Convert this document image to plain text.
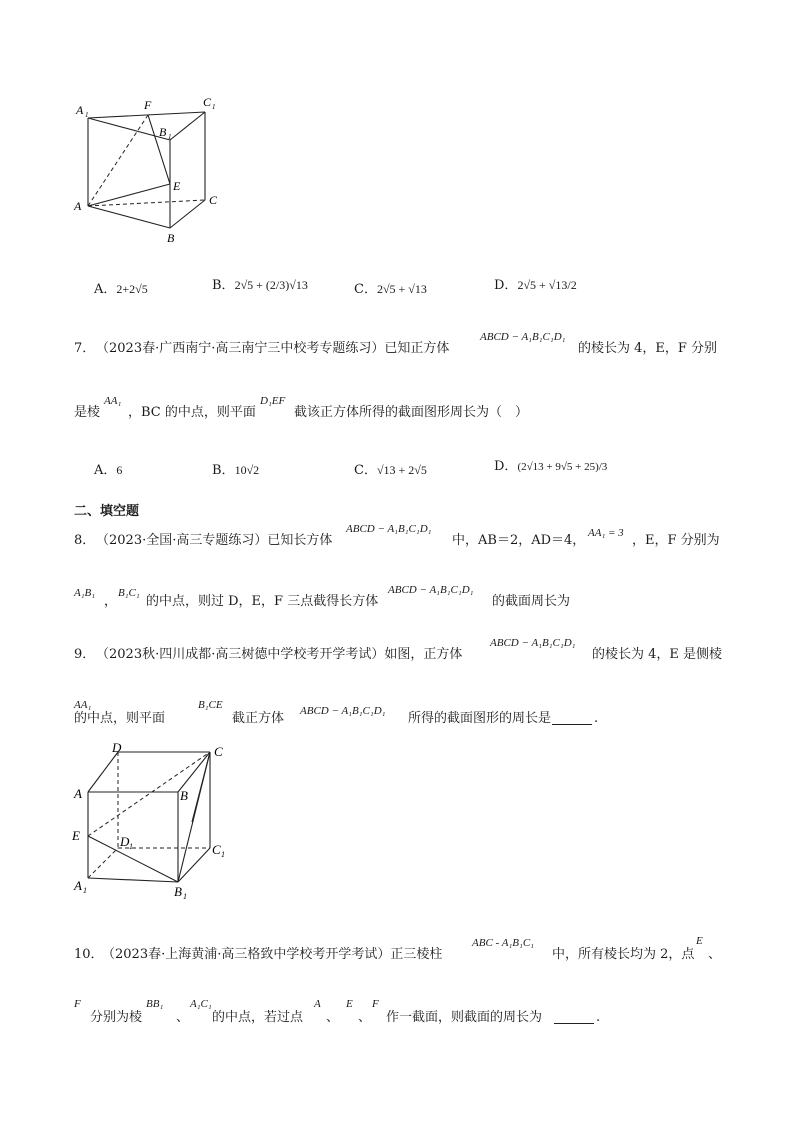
A 1
F	C 1
B 1
E
A	C
B
A．2+2√5	B．2√5 + (2/3)√13	C．2√5 + √13	D．2√5 + √13/2
7． （2023春·广西南宁·高三南宁三中校考专题练习）已知正方体
ABCD − A₁B₁C₁D₁
的棱长为 4，E，F 分别
是棱
AA₁
，BC 的中点，则平面
D₁EF
截该正方体所得的截面图形周长为（　）
A．6	B．10√2	C．√13 + 2√5	D．(2√13 + 9√5 + 25)/3
二、填空题
8． （2023·全国·高三专题练习）已知长方体
ABCD − A₁B₁C₁D₁
中，AB＝2，AD＝4， AA₁ = 3 ，E，F 分别为
A₁B₁
，
B₁C₁
的中点，则过 D，E，F 三点截得长方体
ABCD − A₁B₁C₁D₁
的截面周长为
9． （2023秋·四川成都·高三树德中学校考开学考试）如图，正方体
ABCD − A₁B₁C₁D₁
的棱长为 4，E 是侧棱
AA₁
的中点，则平面
B₁CE
截正方体 ABCD − A₁B₁C₁D₁ 所得的截面图形的周长是	.
D	C
A	B
E	D 1	C 1
A 1	B 1
10．
（2023春·上海黄浦·高三格致中学校考开学考试）正三棱柱
ABC - A₁B₁C₁
中，所有棱长均为 2，点
E
、
F
分别为棱
BB₁
、
A₁C₁
的中点，若过点
A
、
E
、
F
作一截面，则截面的周长为	.
